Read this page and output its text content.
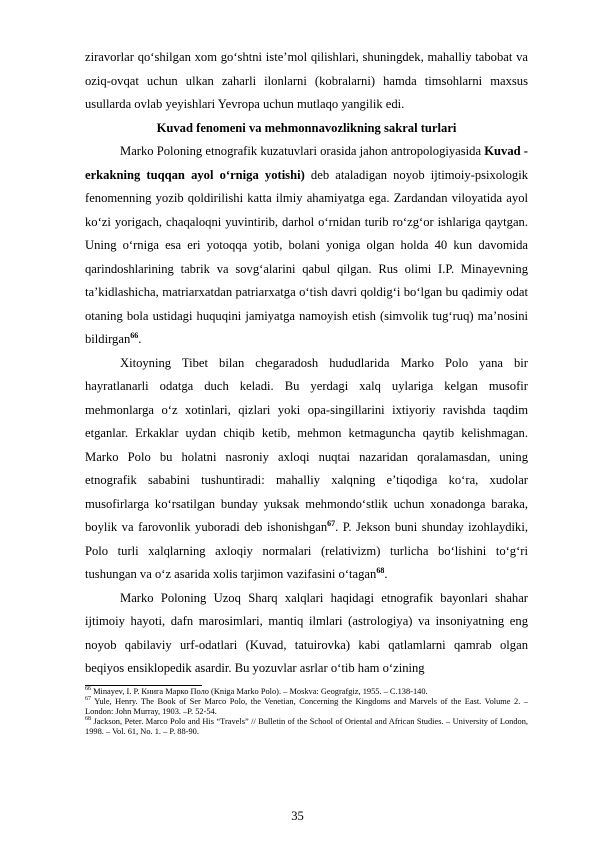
ziravorlar qo‘shilgan xom go‘shtni iste’mol qilishlari, shuningdek, mahalliy tabobat va oziq-ovqat uchun ulkan zaharli ilonlarni (kobralarni) hamda timsohlarni maxsus usullarda ovlab yeyishlari Yevropa uchun mutlaqo yangilik edi.

Kuvad fenomeni va mehmonnavozlikning sakral turlari

Marko Poloning etnografik kuzatuvlari orasida jahon antropologiyasida Kuvad - erkakning tuqqan ayol o‘rniga yotishi) deb ataladigan noyob ijtimoiy-psixologik fenomenning yozib qoldirilishi katta ilmiy ahamiyatga ega. Zardandan viloyatida ayol ko‘zi yorigach, chaqaloqni yuvintirib, darhol o‘rnidan turib ro‘zg‘or ishlariga qaytgan. Uning o‘rniga esa eri yotoqqa yotib, bolani yoniga olgan holda 40 kun davomida qarindoshlarining tabrik va sovg‘alarini qabul qilgan. Rus olimi I.P. Minayevning ta’kidlashicha, matriarxatdan patriarxatga o‘tish davri qoldig‘i bo‘lgan bu qadimiy odat otaning bola ustidagi huquqini jamiyatga namoyish etish (simvolik tug‘ruq) ma’nosini bildirgan$^{66}$.

Xitoyning Tibet bilan chegaradosh hududlarida Marko Polo yana bir hayratlanarli odatga duch keladi. Bu yerdagi xalq uylariga kelgan musofir mehmonlarga o‘z xotinlari, qizlari yoki opa-singillarini ixtiyoriy ravishda taqdim etganlar. Erkaklar uydan chiqib ketib, mehmon ketmaguncha qaytib kelishmagan. Marko Polo bu holatni nasroniy axloqi nuqtai nazaridan qoralamasdan, uning etnografik sababini tushuntiradi: mahalliy xalqning e’tiqodiga ko‘ra, xudolar musofirlarga ko‘rsatilgan bunday yuksak mehmondo‘stlik uchun xonadonga baraka, boylik va farovonlik yuboradi deb ishonishgan$^{67}$. P. Jekson buni shunday izohlaydiki, Polo turli xalqlarning axloqiy normalari (relativizm) turlicha bo‘lishini to‘g‘ri tushungan va o‘z asarida xolis tarjimon vazifasini o‘tagan$^{68}$.

Marko Poloning Uzoq Sharq xalqlari haqidagi etnografik bayonlari shahar ijtimoiy hayoti, dafn marosimlari, mantiq ilmlari (astrologiya) va insoniyatning eng noyob qabilaviy urf-odatlari (Kuvad, tatuirovka) kabi qatlamlarni qamrab olgan beqiyos ensiklopedik asardir. Bu yozuvlar asrlar o‘tib ham o‘zining

$^{66}$ Minayev, I. P. Книга Марко Поло (Kniga Marko Polo). – Moskva: Geografgiz, 1955. – C.138-140.

$^{67}$ Yule, Henry. The Book of Ser Marco Polo, the Venetian, Concerning the Kingdoms and Marvels of the East. Volume 2. – London: John Murray, 1903. –P. 52-54.

$^{68}$ Jackson, Peter. Marco Polo and His “Travels” // Bulletin of the School of Oriental and African Studies. – University of London, 1998. – Vol. 61, No. 1. – P. 88-90.

35
